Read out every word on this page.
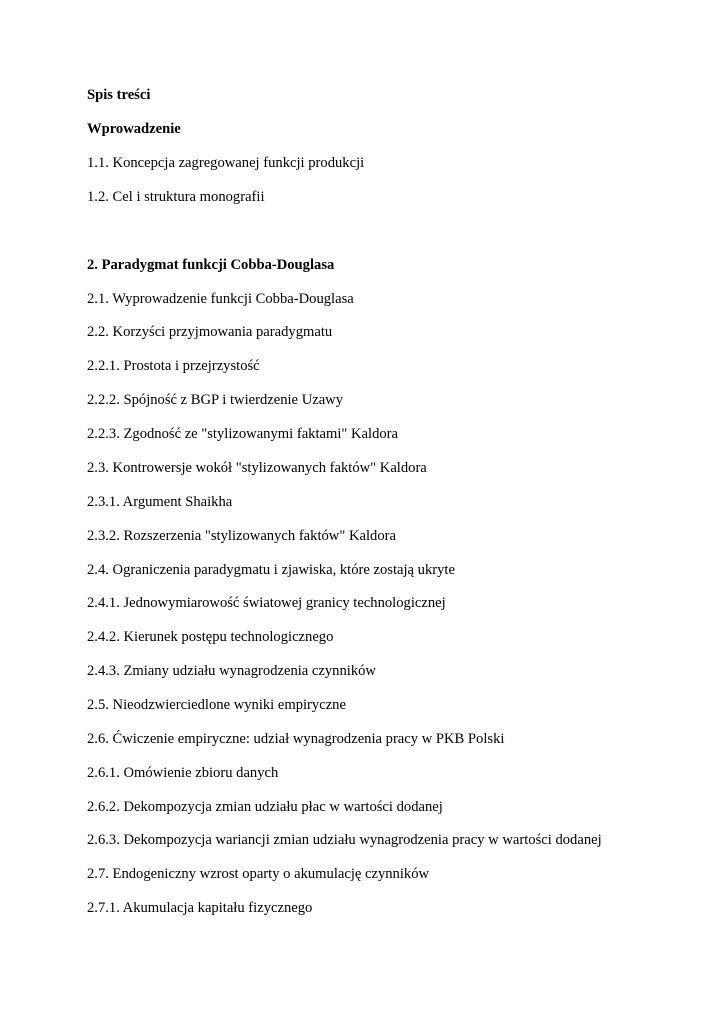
Spis treści
Wprowadzenie
1.1. Koncepcja zagregowanej funkcji produkcji
1.2. Cel i struktura monografii
2. Paradygmat funkcji Cobba-Douglasa
2.1. Wyprowadzenie funkcji Cobba-Douglasa
2.2. Korzyści przyjmowania paradygmatu
2.2.1. Prostota i przejrzystość
2.2.2. Spójność z BGP i twierdzenie Uzawy
2.2.3. Zgodność ze "stylizowanymi faktami" Kaldora
2.3. Kontrowersje wokół "stylizowanych faktów" Kaldora
2.3.1. Argument Shaikha
2.3.2. Rozszerzenia "stylizowanych faktów" Kaldora
2.4. Ograniczenia paradygmatu i zjawiska, które zostają ukryte
2.4.1. Jednowymiarowość światowej granicy technologicznej
2.4.2. Kierunek postępu technologicznego
2.4.3. Zmiany udziału wynagrodzenia czynników
2.5. Nieodzwierciedlone wyniki empiryczne
2.6. Ćwiczenie empiryczne: udział wynagrodzenia pracy w PKB Polski
2.6.1. Omówienie zbioru danych
2.6.2. Dekompozycja zmian udziału płac w wartości dodanej
2.6.3. Dekompozycja wariancji zmian udziału wynagrodzenia pracy w wartości dodanej
2.7. Endogeniczny wzrost oparty o akumulację czynników
2.7.1. Akumulacja kapitału fizycznego
